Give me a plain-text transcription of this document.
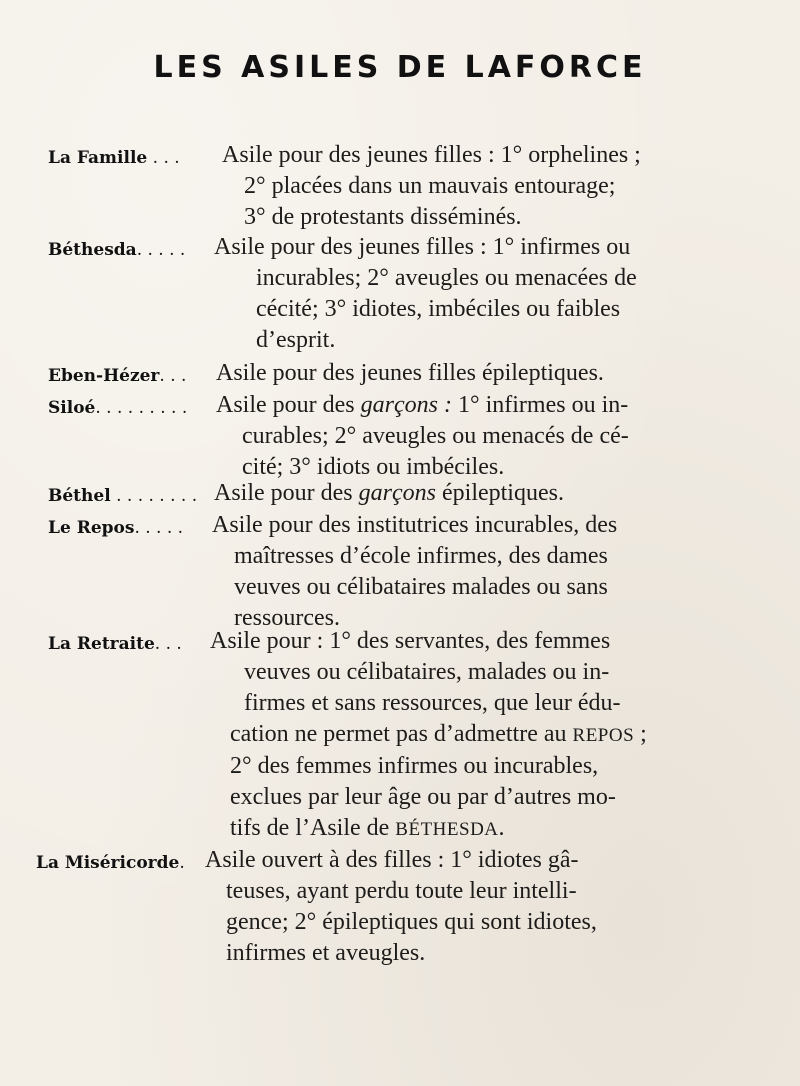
LES ASILES DE LAFORCE
La Famille . . . Asile pour des jeunes filles : 1° orphelines ;
2° placées dans un mauvais entourage;
3° de protestants disséminés.
Béthesda. . . . . Asile pour des jeunes filles : 1° infirmes ou
incurables; 2° aveugles ou menacées de
cécité; 3° idiotes, imbéciles ou faibles
d’esprit.
Eben-Hézer. . . Asile pour des jeunes filles épileptiques.
Siloé. . . . . . . . . Asile pour des garçons : 1° infirmes ou in-
curables; 2° aveugles ou menacés de cé-
cité; 3° idiots ou imbéciles.
Béthel . . . . . . . . Asile pour des garçons épileptiques.
Le Repos. . . . . Asile pour des institutrices incurables, des
maîtresses d’école infirmes, des dames
veuves ou célibataires malades ou sans
ressources.
La Retraite. . . Asile pour : 1° des servantes, des femmes
veuves ou célibataires, malades ou in-
firmes et sans ressources, que leur édu-
cation ne permet pas d’admettre au REPOS ;
2° des femmes infirmes ou incurables,
exclues par leur âge ou par d’autres mo-
tifs de l’Asile de BÉTHESDA.
La Miséricorde. Asile ouvert à des filles : 1° idiotes gâ-
teuses, ayant perdu toute leur intelli-
gence; 2° épileptiques qui sont idiotes,
infirmes et aveugles.
